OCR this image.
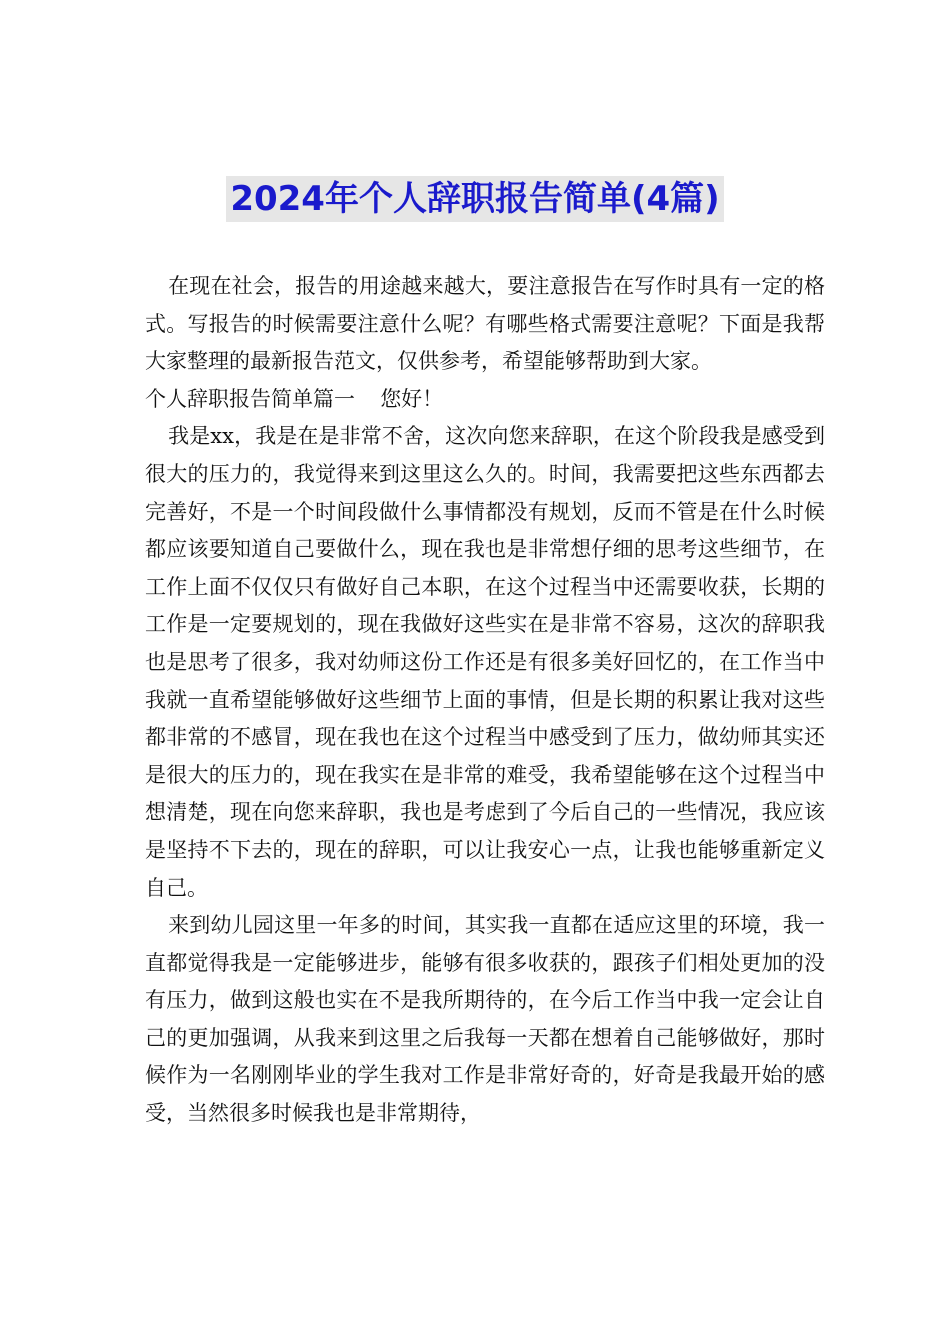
2024年个人辞职报告简单(4篇)

在现在社会，报告的用途越来越大，要注意报告在写作时具有一定的格式。写报告的时候需要注意什么呢？有哪些格式需要注意呢？下面是我帮大家整理的最新报告范文，仅供参考，希望能够帮助到大家。

个人辞职报告简单篇一 您好！

我是xx，我是在是非常不舍，这次向您来辞职，在这个阶段我是感受到很大的压力的，我觉得来到这里这么久的。时间，我需要把这些东西都去完善好，不是一个时间段做什么事情都没有规划，反而不管是在什么时候都应该要知道自己要做什么，现在我也是非常想仔细的思考这些细节，在工作上面不仅仅只有做好自己本职，在这个过程当中还需要收获，长期的工作是一定要规划的，现在我做好这些实在是非常不容易，这次的辞职我也是思考了很多，我对幼师这份工作还是有很多美好回忆的，在工作当中我就一直希望能够做好这些细节上面的事情，但是长期的积累让我对这些都非常的不感冒，现在我也在这个过程当中感受到了压力，做幼师其实还是很大的压力的，现在我实在是非常的难受，我希望能够在这个过程当中想清楚，现在向您来辞职，我也是考虑到了今后自己的一些情况，我应该是坚持不下去的，现在的辞职，可以让我安心一点，让我也能够重新定义自己。

来到幼儿园这里一年多的时间，其实我一直都在适应这里的环境，我一直都觉得我是一定能够进步，能够有很多收获的，跟孩子们相处更加的没有压力，做到这般也实在不是我所期待的，在今后工作当中我一定会让自己的更加强调，从我来到这里之后我每一天都在想着自己能够做好，那时候作为一名刚刚毕业的学生我对工作是非常好奇的，好奇是我最开始的感受，当然很多时候我也是非常期待，
